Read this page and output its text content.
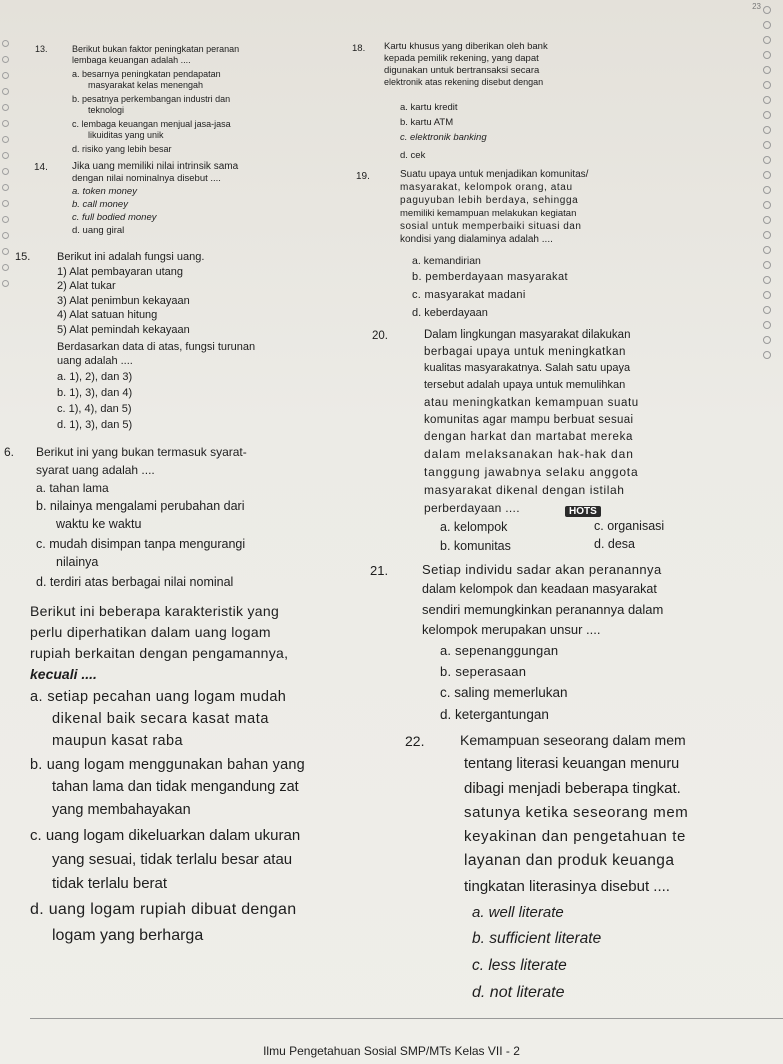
23
13.	Berikut bukan faktor peningkatan peranan
lembaga keuangan adalah ....
a. besarnya peningkatan pendapatan
masyarakat kelas menengah
b. pesatnya perkembangan industri dan
teknologi
c. lembaga keuangan menjual jasa-jasa
likuiditas yang unik
d. risiko yang lebih besar
14. Jika uang memiliki nilai intrinsik sama
dengan nilai nominalnya disebut ....
a. token money
b. call money
c. full bodied money
d. uang giral
15. Berikut ini adalah fungsi uang.
1) Alat pembayaran utang
2) Alat tukar
3) Alat penimbun kekayaan
4) Alat satuan hitung
5) Alat pemindah kekayaan
Berdasarkan data di atas, fungsi turunan
uang adalah ....
a. 1), 2), dan 3)
b. 1), 3), dan 4)
c. 1), 4), dan 5)
d. 1), 3), dan 5)
6. Berikut ini yang bukan termasuk syarat-
syarat uang adalah ....
a. tahan lama
b. nilainya mengalami perubahan dari
waktu ke waktu
c. mudah disimpan tanpa mengurangi
nilainya
d. terdiri atas berbagai nilai nominal
Berikut ini beberapa karakteristik yang
perlu diperhatikan dalam uang logam
rupiah berkaitan dengan pengamannya,
kecuali ....
a. setiap pecahan uang logam mudah
dikenal baik secara kasat mata
maupun kasat raba
b. uang logam menggunakan bahan yang
tahan lama dan tidak mengandung zat
yang membahayakan
c. uang logam dikeluarkan dalam ukuran
yang sesuai, tidak terlalu besar atau
tidak terlalu berat
d. uang logam rupiah dibuat dengan
logam yang berharga
18. Kartu khusus yang diberikan oleh bank
kepada pemilik rekening, yang dapat
digunakan untuk bertransaksi secara
elektronik atas rekening disebut dengan
a. kartu kredit
b. kartu ATM
c. elektronik banking
d. cek
19.	Suatu upaya untuk menjadikan komunitas/
masyarakat, kelompok orang, atau
paguyuban lebih berdaya, sehingga
memiliki kemampuan melakukan kegiatan
sosial untuk memperbaiki situasi dan
kondisi yang dialaminya adalah ....
a. kemandirian
b. pemberdayaan masyarakat
c. masyarakat madani
d. keberdayaan
20.	Dalam lingkungan masyarakat dilakukan
berbagai upaya untuk meningkatkan
kualitas masyarakatnya. Salah satu upaya
tersebut adalah upaya untuk memulihkan
atau meningkatkan kemampuan suatu
komunitas agar mampu berbuat sesuai
dengan harkat dan martabat mereka
dalam melaksanakan hak-hak dan
tanggung jawabnya selaku anggota
masyarakat dikenal dengan istilah
perberdayaan ....	HOTS
a. kelompok
b. komunitas
c. organisasi
d. desa
21.	Setiap individu sadar akan peranannya
dalam kelompok dan keadaan masyarakat
sendiri memungkinkan peranannya dalam
kelompok merupakan unsur ....
a. sepenanggungan
b. seperasaan
c. saling memerlukan
d. ketergantungan
22.	Kemampuan seseorang dalam mem
tentang literasi keuangan menuru
dibagi menjadi beberapa tingkat.
satunya ketika seseorang mem
keyakinan dan pengetahuan te
layanan dan produk keuanga
tingkatan literasinya disebut ....
a. well literate
b. sufficient literate
c. less literate
d. not literate
Ilmu Pengetahuan Sosial SMP/MTs Kelas VII - 2
